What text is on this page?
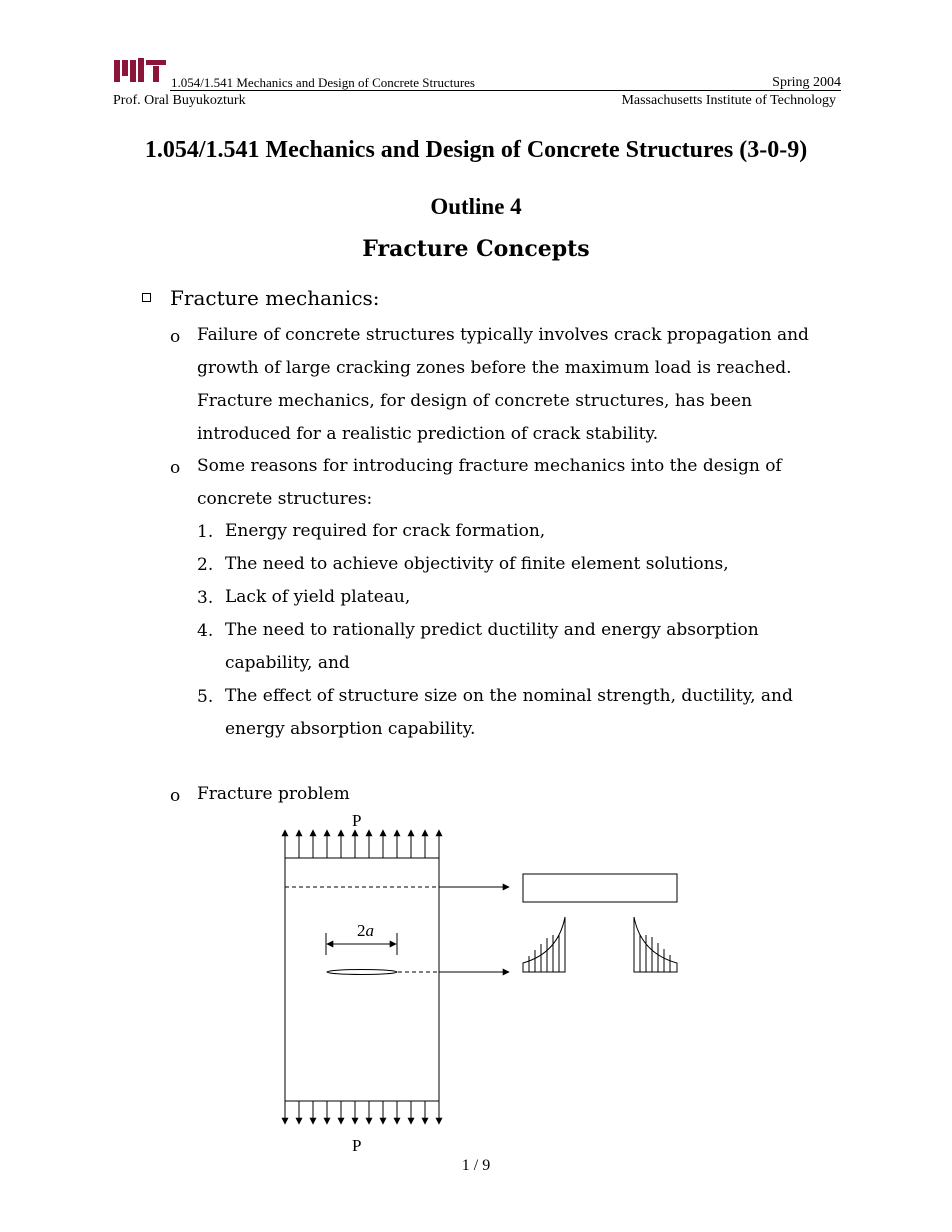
1.054/1.541 Mechanics and Design of Concrete Structures	Spring 2004
Prof. Oral Buyukozturk	Massachusetts Institute of Technology
1.054/1.541 Mechanics and Design of Concrete Structures (3-0-9)
Outline 4
Fracture Concepts
Fracture mechanics:
o Failure of concrete structures typically involves crack propagation and
growth of large cracking zones before the maximum load is reached.
Fracture mechanics, for design of concrete structures, has been
introduced for a realistic prediction of crack stability.
o Some reasons for introducing fracture mechanics into the design of
concrete structures:
1. Energy required for crack formation,
2. The need to achieve objectivity of finite element solutions,
3. Lack of yield plateau,
4. The need to rationally predict ductility and energy absorption
capability, and
5. The effect of structure size on the nominal strength, ductility, and
energy absorption capability.
o Fracture problem
P
P
2a
1 / 9
